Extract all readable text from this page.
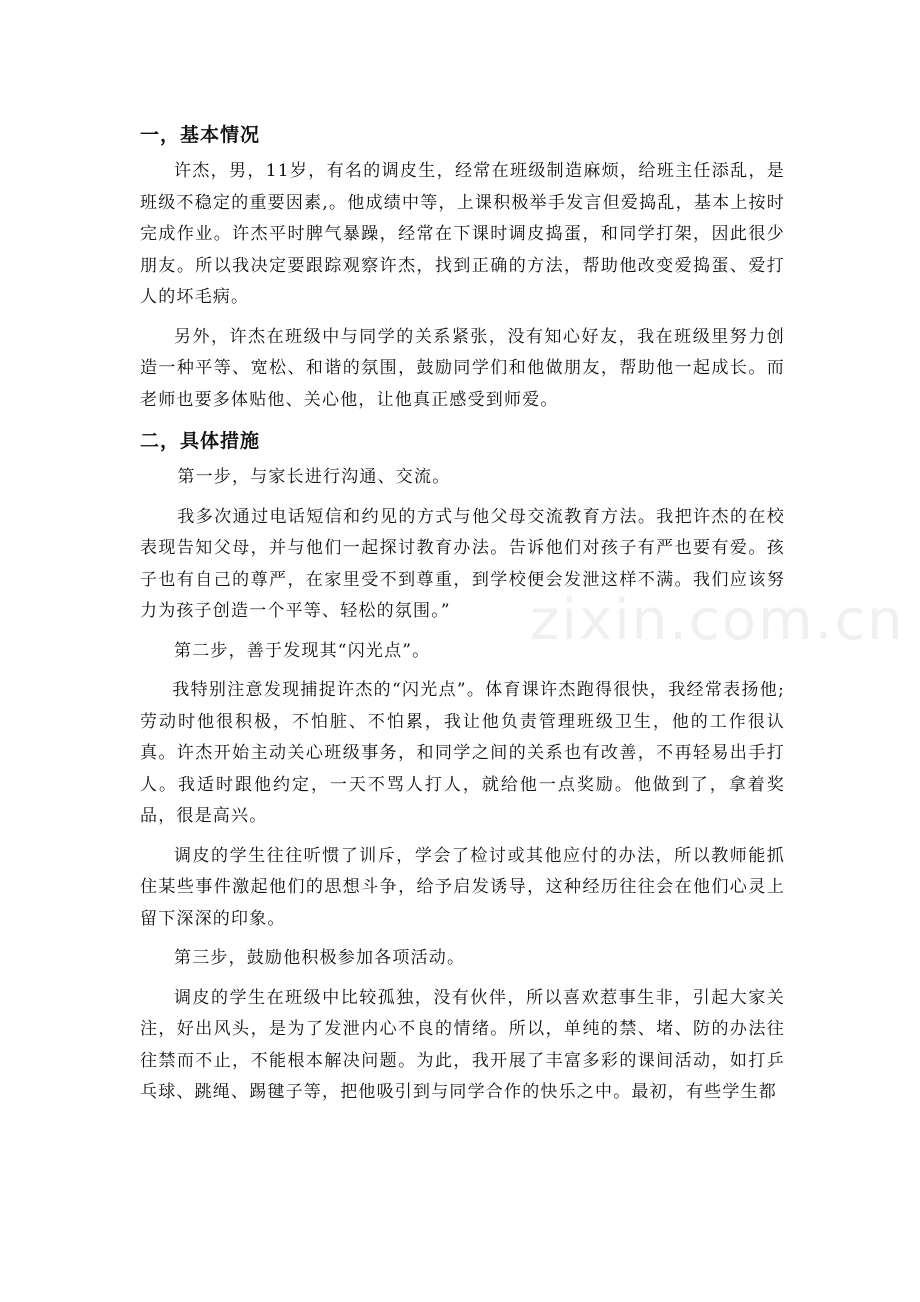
zixin.com.cn
一，基本情况

许杰，男，11岁，有名的调皮生，经常在班级制造麻烦，给班主任添乱，是班级不稳定的重要因素,。他成绩中等，上课积极举手发言但爱捣乱，基本上按时完成作业。许杰平时脾气暴躁，经常在下课时调皮捣蛋，和同学打架，因此很少朋友。所以我决定要跟踪观察许杰，找到正确的方法，帮助他改变爱捣蛋、爱打人的坏毛病。

另外，许杰在班级中与同学的关系紧张，没有知心好友，我在班级里努力创造一种平等、宽松、和谐的氛围，鼓励同学们和他做朋友，帮助他一起成长。而老师也要多体贴他、关心他，让他真正感受到师爱。

二，具体措施

第一步，与家长进行沟通、交流。

我多次通过电话短信和约见的方式与他父母交流教育方法。我把许杰的在校表现告知父母，并与他们一起探讨教育办法。告诉他们对孩子有严也要有爱。孩子也有自己的尊严，在家里受不到尊重，到学校便会发泄这样不满。我们应该努力为孩子创造一个平等、轻松的氛围。”

第二步，善于发现其“闪光点”。

我特别注意发现捕捉许杰的“闪光点”。体育课许杰跑得很快，我经常表扬他;劳动时他很积极，不怕脏、不怕累，我让他负责管理班级卫生，他的工作很认真。许杰开始主动关心班级事务，和同学之间的关系也有改善，不再轻易出手打人。我适时跟他约定，一天不骂人打人，就给他一点奖励。他做到了，拿着奖品，很是高兴。

调皮的学生往往听惯了训斥，学会了检讨或其他应付的办法，所以教师能抓住某些事件激起他们的思想斗争，给予启发诱导，这种经历往往会在他们心灵上留下深深的印象。

第三步，鼓励他积极参加各项活动。

调皮的学生在班级中比较孤独，没有伙伴，所以喜欢惹事生非，引起大家关注，好出风头，是为了发泄内心不良的情绪。所以，单纯的禁、堵、防的办法往往禁而不止，不能根本解决问题。为此，我开展了丰富多彩的课间活动，如打乒乓球、跳绳、踢毽子等，把他吸引到与同学合作的快乐之中。最初，有些学生都
